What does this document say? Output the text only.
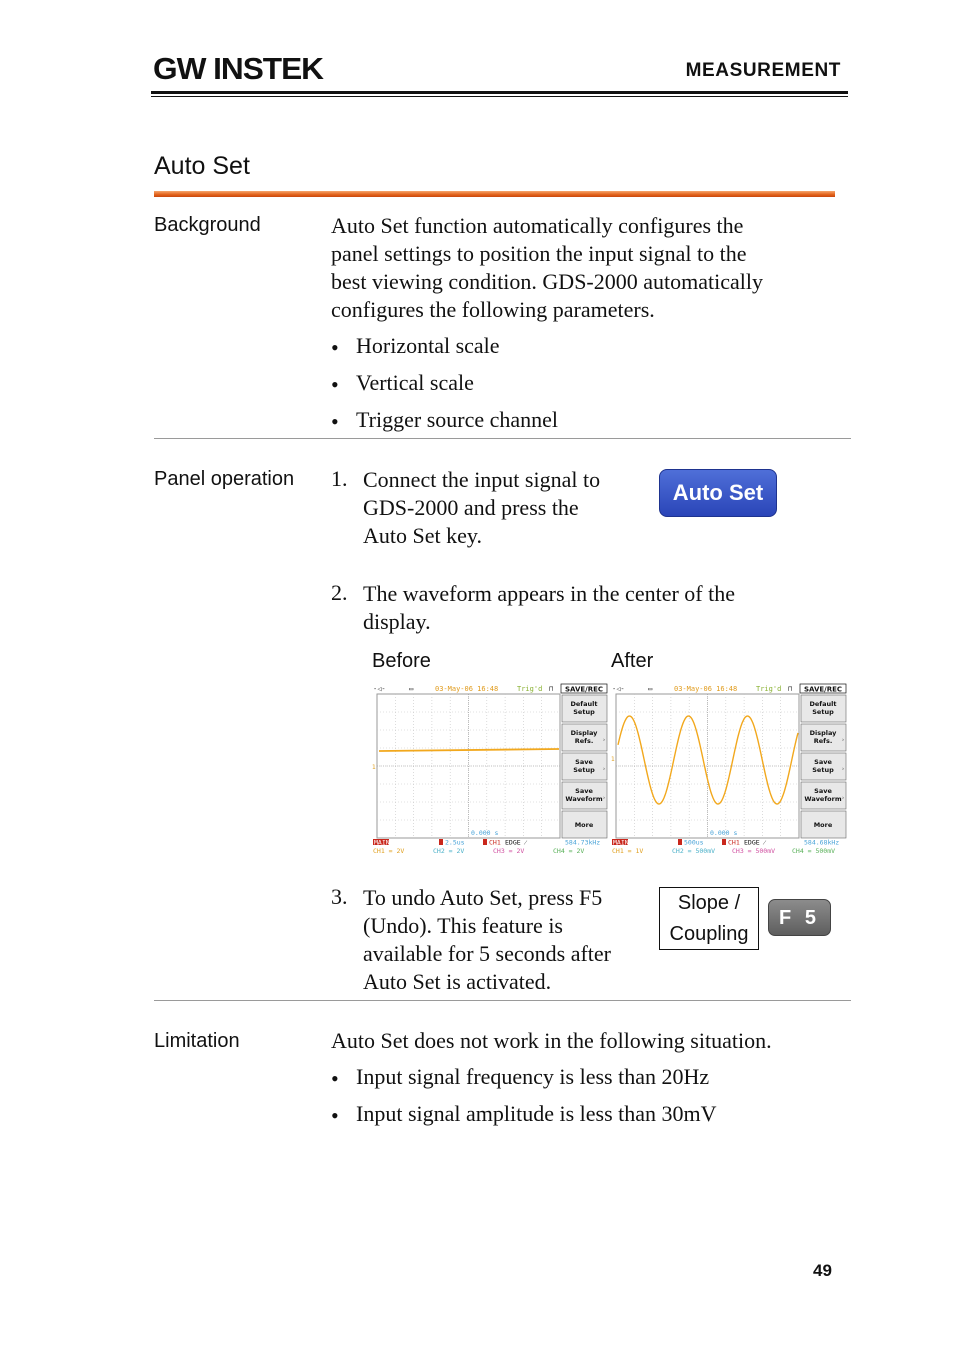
GW INSTEK	MEASUREMENT
Auto Set
Background	Auto Set function automatically configures the
panel settings to position the input signal to the
best viewing condition. GDS-2000 automatically
configures the following parameters.
• Horizontal scale
• Vertical scale
• Trigger source channel
Panel operation 1. Connect the input signal to
GDS-2000 and press the
Auto Set key.
Auto Set
2. The waveform appears in the center of the
display.
Before	After
-◁-	▭	03-May-06 16:48	Trig'd ⊓ SAVE/REC
1
0.000 s
Default
Setup
Display
Refs. ›
Save
Setup ›
Save
Waveform ›
More
MAIN	2.5us	CH1 EDGE ⁄	584.73kHz
CH1 = 2V	CH2 = 2V	CH3 = 2V	CH4 = 2V
-◁-	▭	03-May-06 16:48	Trig'd ⊓ SAVE/REC
1
0.000 s
Default
Setup
Display
Refs. ›
Save
Setup ›
Save
Waveform ›
More
MAIN	500us	CH1 EDGE ⁄	584.68kHz
CH1 = 1V	CH2 = 500mV	CH3 = 500mV	CH4 = 500mV
3. To undo Auto Set, press F5
(Undo). This feature is
available for 5 seconds after
Auto Set is activated.
Slope /
Coupling
F 5
Limitation	Auto Set does not work in the following situation.
• Input signal frequency is less than 20Hz
• Input signal amplitude is less than 30mV
49
